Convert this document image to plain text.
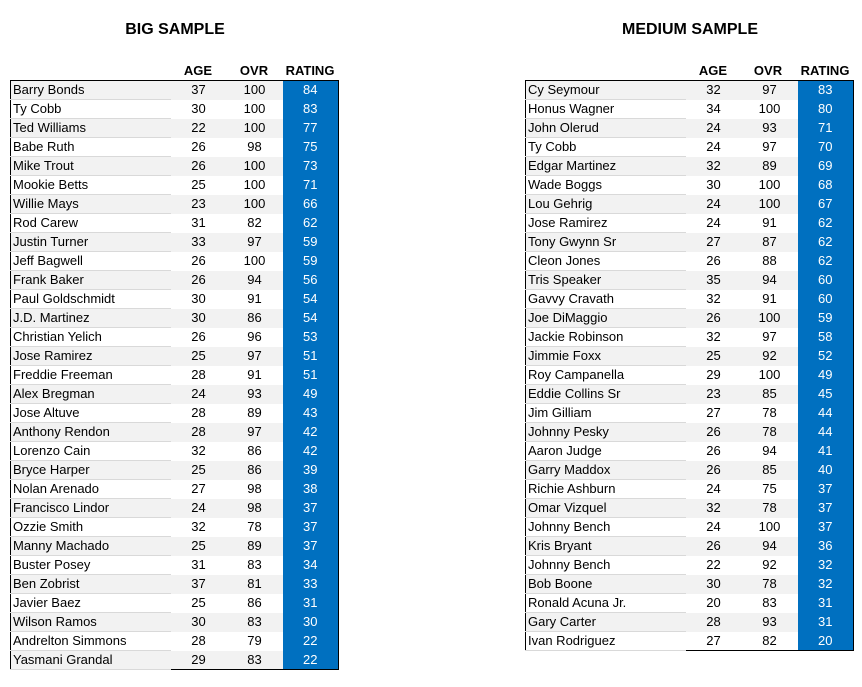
BIG SAMPLE
AGE	OVR	RATING
Barry Bonds	37	100	84
Ty Cobb	30	100	83
Ted Williams	22	100	77
Babe Ruth	26	98	75
Mike Trout	26	100	73
Mookie Betts	25	100	71
Willie Mays	23	100	66
Rod Carew	31	82	62
Justin Turner	33	97	59
Jeff Bagwell	26	100	59
Frank Baker	26	94	56
Paul Goldschmidt	30	91	54
J.D. Martinez	30	86	54
Christian Yelich	26	96	53
Jose Ramirez	25	97	51
Freddie Freeman	28	91	51
Alex Bregman	24	93	49
Jose Altuve	28	89	43
Anthony Rendon	28	97	42
Lorenzo Cain	32	86	42
Bryce Harper	25	86	39
Nolan Arenado	27	98	38
Francisco Lindor	24	98	37
Ozzie Smith	32	78	37
Manny Machado	25	89	37
Buster Posey	31	83	34
Ben Zobrist	37	81	33
Javier Baez	25	86	31
Wilson Ramos	30	83	30
Andrelton Simmons	28	79	22
Yasmani Grandal	29	83	22
MEDIUM SAMPLE
AGE	OVR	RATING
Cy Seymour	32	97	83
Honus Wagner	34	100	80
John Olerud	24	93	71
Ty Cobb	24	97	70
Edgar Martinez	32	89	69
Wade Boggs	30	100	68
Lou Gehrig	24	100	67
Jose Ramirez	24	91	62
Tony Gwynn Sr	27	87	62
Cleon Jones	26	88	62
Tris Speaker	35	94	60
Gavvy Cravath	32	91	60
Joe DiMaggio	26	100	59
Jackie Robinson	32	97	58
Jimmie Foxx	25	92	52
Roy Campanella	29	100	49
Eddie Collins Sr	23	85	45
Jim Gilliam	27	78	44
Johnny Pesky	26	78	44
Aaron Judge	26	94	41
Garry Maddox	26	85	40
Richie Ashburn	24	75	37
Omar Vizquel	32	78	37
Johnny Bench	24	100	37
Kris Bryant	26	94	36
Johnny Bench	22	92	32
Bob Boone	30	78	32
Ronald Acuna Jr.	20	83	31
Gary Carter	28	93	31
Ivan Rodriguez	27	82	20
